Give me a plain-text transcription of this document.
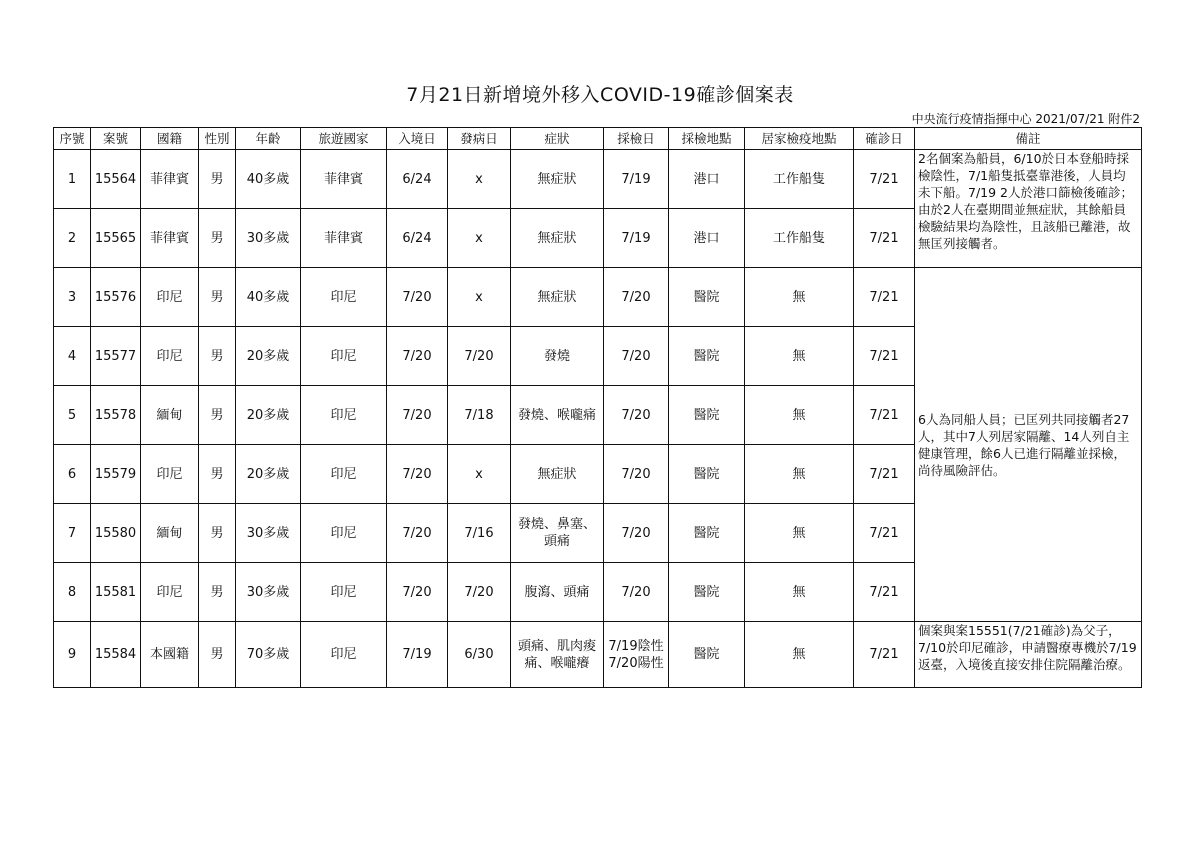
7月21日新增境外移入COVID-19確診個案表
中央流行疫情指揮中心 2021/07/21 附件2
序號	案號	國籍	性別	年齡	旅遊國家	入境日	發病日	症狀	採檢日	採檢地點	居家檢疫地點	確診日	備註
1	15564	菲律賓	男	40多歲	菲律賓	6/24	x	無症狀	7/19	港口	工作船隻	7/21	2名個案為船員，6/10於日本登船時採檢陰性，7/1船隻抵臺靠港後，人員均未下船。7/19 2人於港口篩檢後確診；由於2人在臺期間並無症狀，其餘船員檢驗結果均為陰性，且該船已離港，故無匡列接觸者。
2	15565	菲律賓	男	30多歲	菲律賓	6/24	x	無症狀	7/19	港口	工作船隻	7/21	
3	15576	印尼	男	40多歲	印尼	7/20	x	無症狀	7/20	醫院	無	7/21	6人為同船人員；已匡列共同接觸者27人，其中7人列居家隔離、14人列自主健康管理，餘6人已進行隔離並採檢，尚待風險評估。
4	15577	印尼	男	20多歲	印尼	7/20	7/20	發燒	7/20	醫院	無	7/21	
5	15578	緬甸	男	20多歲	印尼	7/20	7/18	發燒、喉嚨痛	7/20	醫院	無	7/21	
6	15579	印尼	男	20多歲	印尼	7/20	x	無症狀	7/20	醫院	無	7/21	
7	15580	緬甸	男	30多歲	印尼	7/20	7/16	發燒、鼻塞、頭痛	7/20	醫院	無	7/21	
8	15581	印尼	男	30多歲	印尼	7/20	7/20	腹瀉、頭痛	7/20	醫院	無	7/21	
9	15584	本國籍	男	70多歲	印尼	7/19	6/30	頭痛、肌肉痠痛、喉嚨癢	7/19陰性 7/20陽性	醫院	無	7/21	個案與案15551(7/21確診)為父子，7/10於印尼確診，申請醫療專機於7/19返臺，入境後直接安排住院隔離治療。
